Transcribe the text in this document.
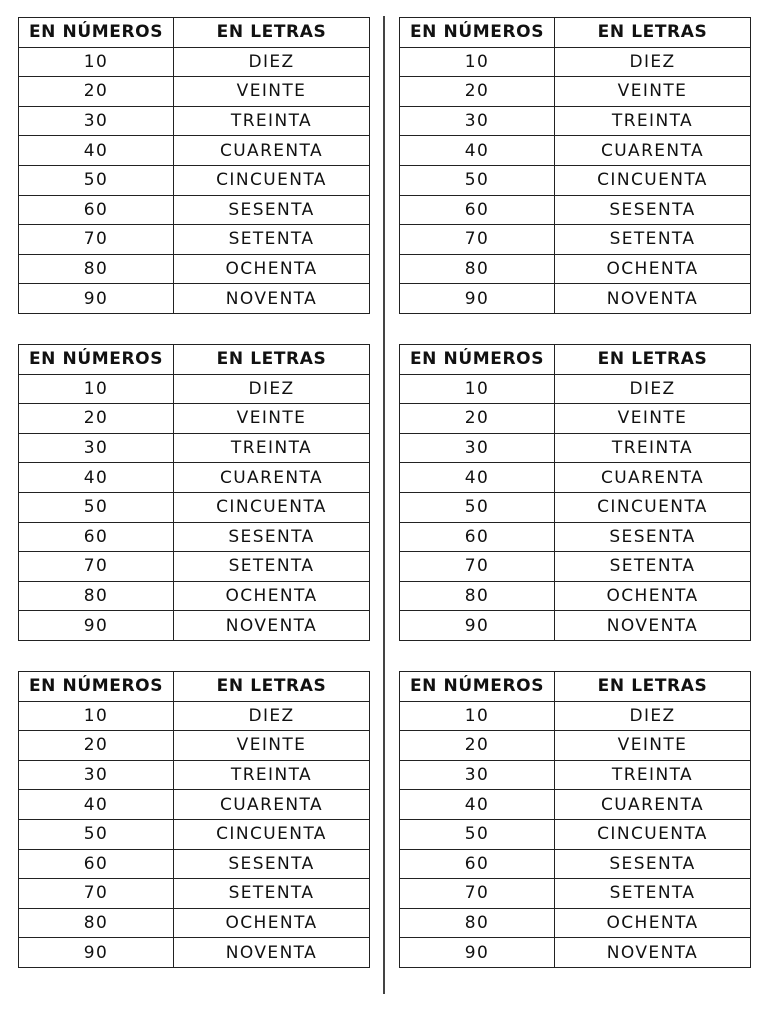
EN NÚMEROS	EN LETRAS
10	DIEZ
20	VEINTE
30	TREINTA
40	CUARENTA
50	CINCUENTA
60	SESENTA
70	SETENTA
80	OCHENTA
90	NOVENTA
EN NÚMEROS	EN LETRAS
10	DIEZ
20	VEINTE
30	TREINTA
40	CUARENTA
50	CINCUENTA
60	SESENTA
70	SETENTA
80	OCHENTA
90	NOVENTA
EN NÚMEROS	EN LETRAS
10	DIEZ
20	VEINTE
30	TREINTA
40	CUARENTA
50	CINCUENTA
60	SESENTA
70	SETENTA
80	OCHENTA
90	NOVENTA
EN NÚMEROS	EN LETRAS
10	DIEZ
20	VEINTE
30	TREINTA
40	CUARENTA
50	CINCUENTA
60	SESENTA
70	SETENTA
80	OCHENTA
90	NOVENTA
EN NÚMEROS	EN LETRAS
10	DIEZ
20	VEINTE
30	TREINTA
40	CUARENTA
50	CINCUENTA
60	SESENTA
70	SETENTA
80	OCHENTA
90	NOVENTA
EN NÚMEROS	EN LETRAS
10	DIEZ
20	VEINTE
30	TREINTA
40	CUARENTA
50	CINCUENTA
60	SESENTA
70	SETENTA
80	OCHENTA
90	NOVENTA
